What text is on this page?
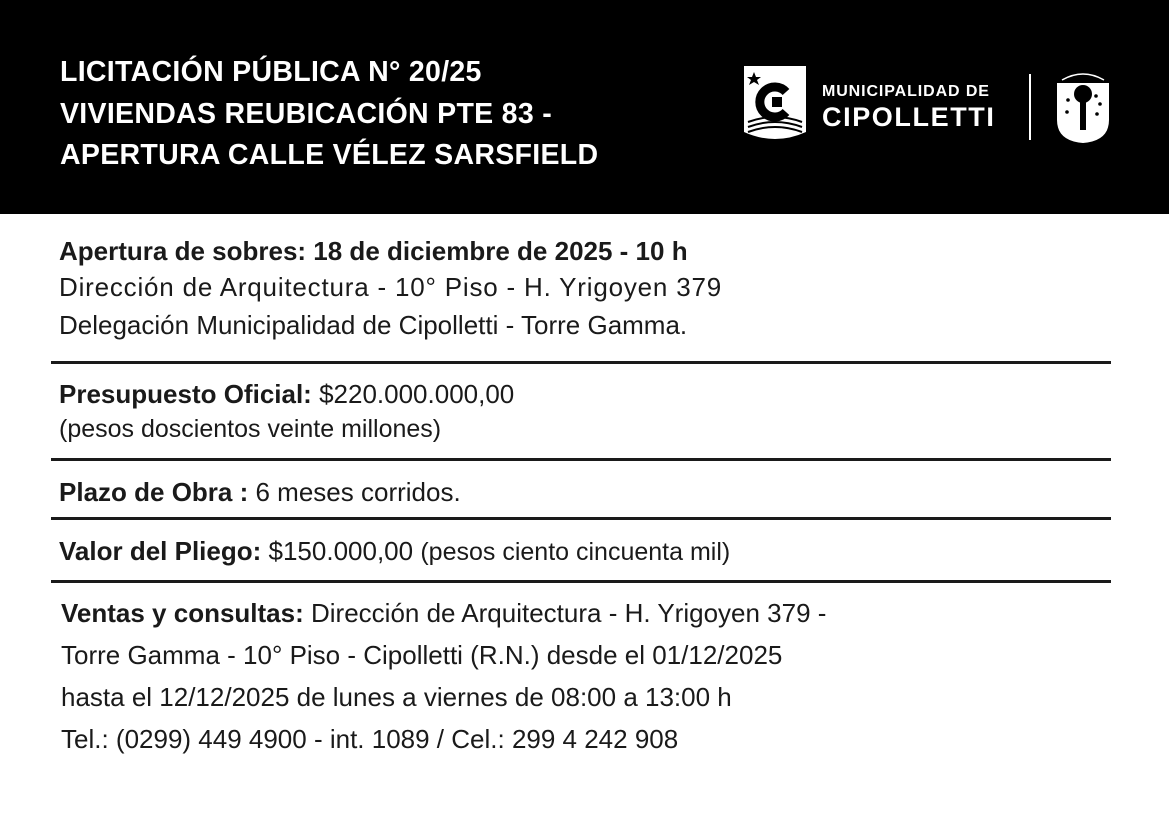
LICITACIÓN PÚBLICA N° 20/25
VIVIENDAS REUBICACIÓN PTE 83 -
APERTURA CALLE VÉLEZ SARSFIELD
MUNICIPALIDAD DE
CIPOLLETTI
Apertura de sobres: 18 de diciembre de 2025 - 10 h
Dirección de Arquitectura - 10° Piso - H. Yrigoyen 379
Delegación Municipalidad de Cipolletti - Torre Gamma.
Presupuesto Oficial: $220.000.000,00
(pesos doscientos veinte millones)
Plazo de Obra : 6 meses corridos.
Valor del Pliego: $150.000,00 (pesos ciento cincuenta mil)
Ventas y consultas: Dirección de Arquitectura - H. Yrigoyen 379 -
Torre Gamma - 10° Piso - Cipolletti (R.N.) desde el 01/12/2025
hasta el 12/12/2025 de lunes a viernes de 08:00 a 13:00 h
Tel.: (0299) 449 4900 - int. 1089 / Cel.: 299 4 242 908
